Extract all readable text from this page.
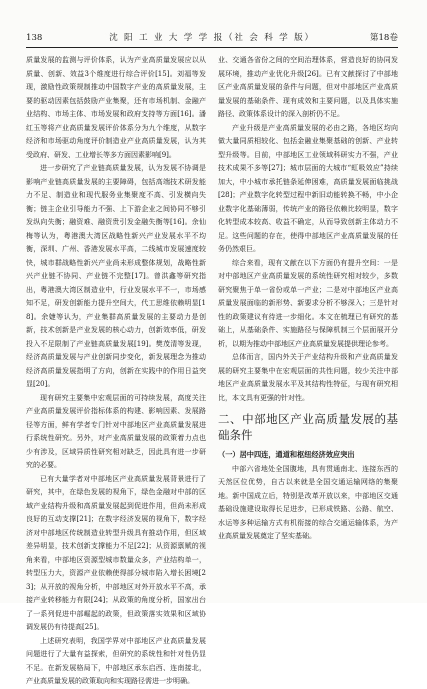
138	沈 阳 工 业 大 学 学 报（社 会 科 学 版）	第18卷

质量发展的监测与评价体系，认为产业高质量发展应以从质量、创新、效益3个维度进行综合评价[15]。刘福等发现，激励性政策规制推动中国数字产业的高质量发展，主要的驱动因素包括鼓励产业集聚，还有市场机制、金融产业结构、市场主体、市场发展和政府支持等方面[16]。潘红玉等将产业高质量发展评价体系分为九个维度，从数字经济和市场驱动角度评价制造业产业高质量发展，认为其受政府、研发、工业增长等多方面因素影响[9]。

进一步研究了产业链高质量发展，认为发展不协调是影响产业链高质量发展的主要障碍，包括高端技术研发能力不足、制造业和现代服务业集聚度不高、引发横向失衡；链主企业引导能力不强、上下游企业之间协同不够引发纵向失衡；融资难、融资贵引发金融失衡等[16]。余仙梅等认为，粤港澳大湾区战略性新兴产业发展水平不均衡，深圳、广州、香港发展水平高，二线城市发展速度较快，城市群战略性新兴产业尚未形成整体规划，战略性新兴产业链不协同、产业链不完整[17]。曾洪鑫等研究指出，粤港澳大湾区制造业中，行业发展水平不一，市场感知不足，研发创新能力提升空间大，代工思维依赖明显[18]。余婕等认为，产业集群高质量发展的主要动力是创新，技术创新是产业发展的核心动力，创新效率低，研发投入不足限制了产业链高质量发展[19]。樊茂清等发现，经济高质量发展与产业创新同步变化，新发展理念为推动经济高质量发展指明了方向，创新在实践中的作用日益突显[20]。

现有研究主要集中宏观层面的可持续发展，高度关注产业高质量发展评价指标体系的构建、影响因素、发展路径等方面，鲜有学者专门针对中部地区产业高质量发展进行系统性研究。另外，对产业高质量发展的政策着力点也少有涉及，区域异质性研究相对缺乏，因此具有进一步研究的必要。

已有大量学者对中部地区产业高质量发展背景进行了研究，其中，在绿色发展的视角下，绿色金融对中部的区域产业结构升级和高质量发展起到促进作用，但尚未形成良好的互动支撑[21]；在数字经济发展的视角下，数字经济对中部地区传统制造业转型升级具有推动作用，但区域差异明显，技术创新支撑能力不足[22]；从资源禀赋的视角来看，中部地区资源型城市数量众多，产业结构单一，转型压力大，资源产业依赖使得部分城市陷入增长困境[23]；从开放的视角分析，中部地区对外开放水平不高，承接产业转移能力有限[24]；从政策的角度分析，国家出台了一系列促进中部崛起的政策，但政策落实效果和区域协调发展仍有待提高[25]。

上述研究表明，我国学界对中部地区产业高质量发展问题进行了大量有益探索，但研究的系统性和针对性仍显不足。在新发展格局下，中部地区承东启西、连南接北，产业高质量发展的政策取向和实现路径需进一步明确。

业、交通各省份之间的空间治理体系，营造良好的协同发展环境，推动产业优化升级[26]。已有文献探讨了中部地区产业高质量发展的条件与问题，但对中部地区产业高质量发展的基础条件、现有成效和主要问题，以及具体实施路径、政策体系设计的深入剖析仍不足。

产业升级是产业高质量发展的必由之路，各地区均向做大量同质相较化、包括金融业集聚基础的创新、产业转型升级等。目前，中部地区工业领域科研实力不强，产业技术成果不多等[27]；城市层面的大城市“虹吸效应”持续加大，中小城市承托链条延伸困难，高质量发展面临挑战[28]；产业数字化转型过程中新旧动能转换不畅，中小企业数字化基础薄弱，传统产业的路径依赖比较明显，数字化转型成本较高、收益不确定，从而导致创新主体动力不足。这些问题的存在，使得中部地区产业高质量发展的任务仍然艰巨。

综合来看，现有文献在以下方面仍有提升空间：一是对中部地区产业高质量发展的系统性研究相对较少，多数研究聚焦于单一省份或单一产业；二是对中部地区产业高质量发展面临的新形势、新要求分析不够深入；三是针对性的政策建议有待进一步细化。本文在梳理已有研究的基础上，从基础条件、实施路径与保障机制三个层面展开分析，以期为推动中部地区产业高质量发展提供理论参考。

总体而言，国内外关于产业结构升级和产业高质量发展的研究主要集中在宏观层面的共性问题，较少关注中部地区产业高质量发展水平及其结构性特征，与现有研究相比，本文具有更强的针对性。

二、中部地区产业高质量发展的基础条件
（一）居中四连，通道和枢纽经济效应突出

中部六省地处全国腹地，具有贯通南北、连接东西的天然区位优势，自古以来就是全国交通运输网络的集聚地。新中国成立后，特别是改革开放以来，中部地区交通基础设施建设取得长足进步，已形成铁路、公路、航空、水运等多种运输方式有机衔接的综合交通运输体系，为产业高质量发展奠定了坚实基础。
